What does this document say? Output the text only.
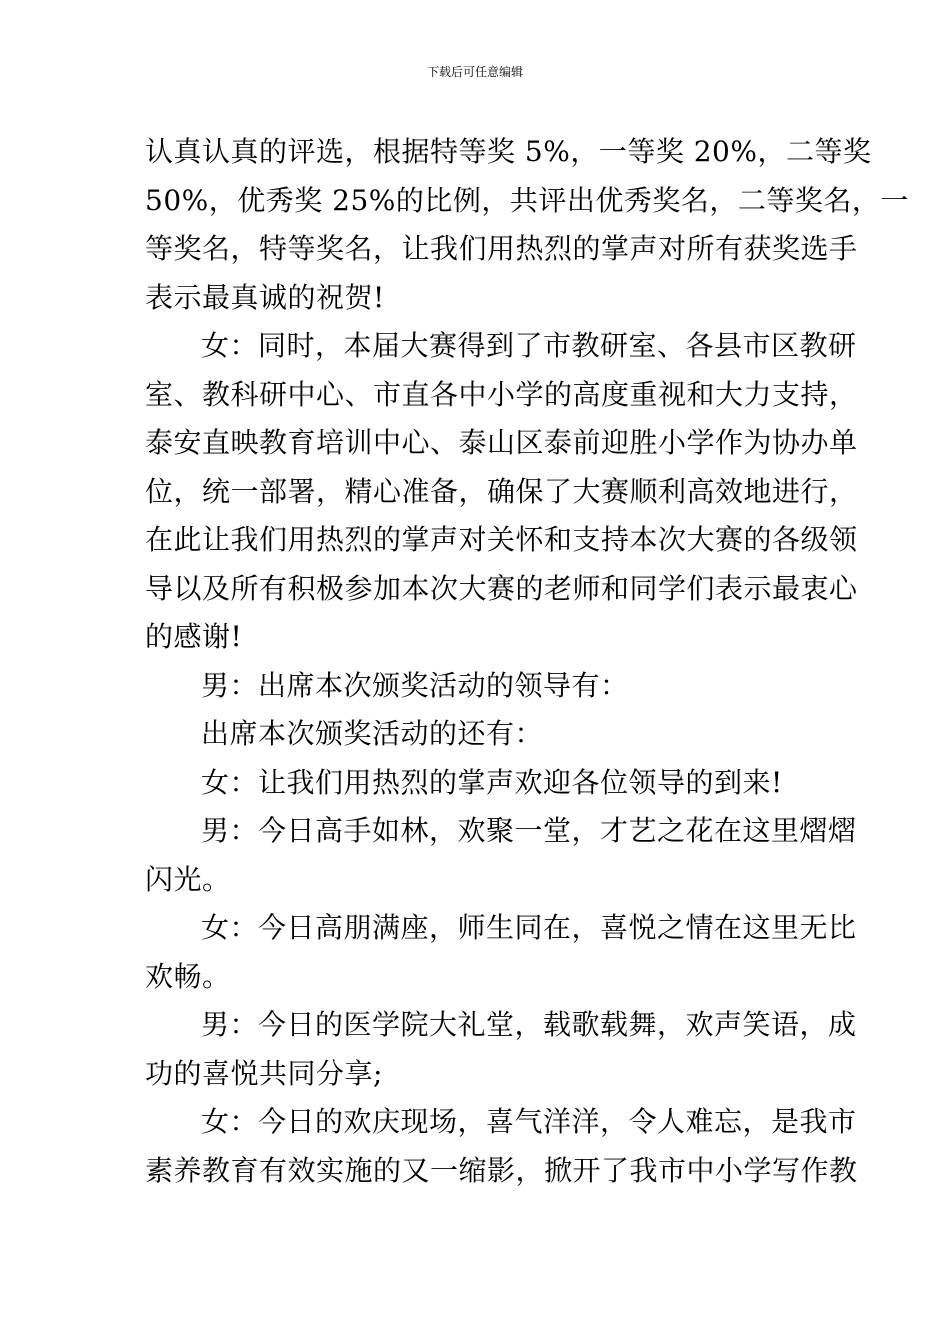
下载后可任意编辑
认真认真的评选，根据特等奖 5%，一等奖 20%，二等奖
50%，优秀奖 25%的比例，共评出优秀奖名，二等奖名，一
等奖名，特等奖名，让我们用热烈的掌声对所有获奖选手
表示最真诚的祝贺!
女：同时，本届大赛得到了市教研室、各县市区教研
室、教科研中心、市直各中小学的高度重视和大力支持，
泰安直映教育培训中心、泰山区泰前迎胜小学作为协办单
位，统一部署，精心准备，确保了大赛顺利高效地进行，
在此让我们用热烈的掌声对关怀和支持本次大赛的各级领
导以及所有积极参加本次大赛的老师和同学们表示最衷心
的感谢!
男：出席本次颁奖活动的领导有：
出席本次颁奖活动的还有：
女：让我们用热烈的掌声欢迎各位领导的到来!
男：今日高手如林，欢聚一堂，才艺之花在这里熠熠
闪光。
女：今日高朋满座，师生同在，喜悦之情在这里无比
欢畅。
男：今日的医学院大礼堂，载歌载舞，欢声笑语，成
功的喜悦共同分享;
女：今日的欢庆现场，喜气洋洋，令人难忘，是我市
素养教育有效实施的又一缩影，掀开了我市中小学写作教
